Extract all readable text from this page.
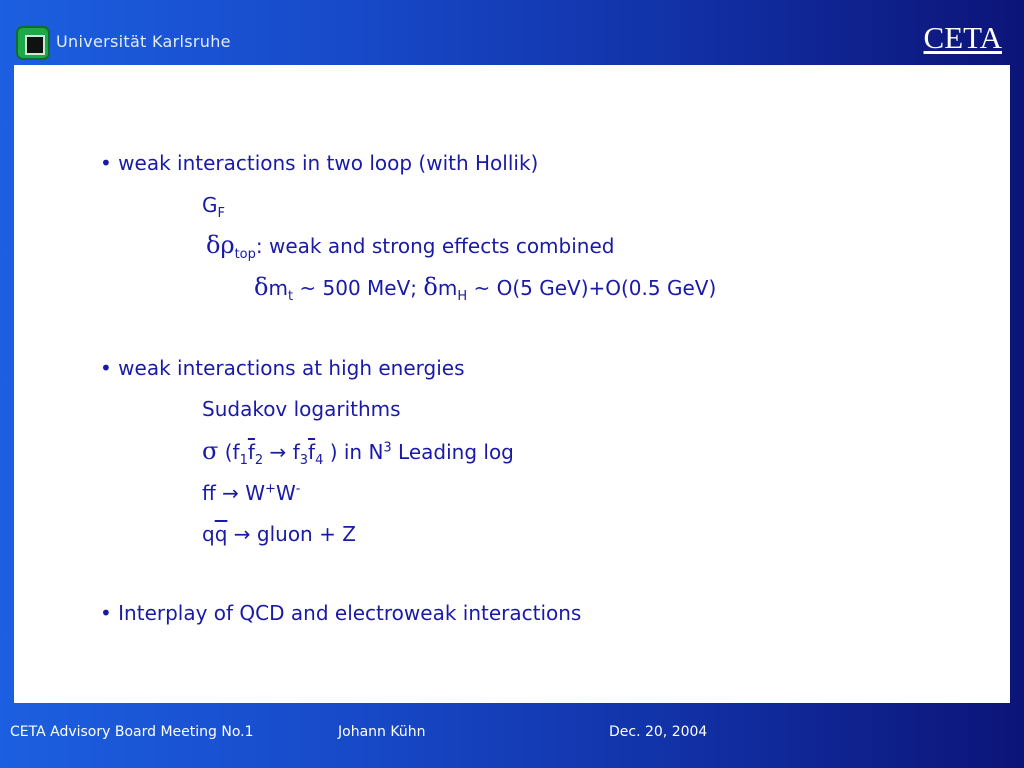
Universität Karlsruhe	CETA
• weak interactions in two loop (with Hollik)
$G_F$
$\delta\rho_{top}$: weak and strong effects combined
$\delta m_t$ ~ 500 MeV; $\delta m_H$ ~ O(5 GeV)+O(0.5 GeV)
• weak interactions at high energies
Sudakov logarithms
σ ($f_1\overline{f}_2 \to f_3\overline{f}_4$ ) in $N^3$ Leading log
f → W+W-
$q\overline{q}$ → gluon + Z
• Interplay of QCD and electroweak interactions
CETA Advisory Board Meeting No.1	Johann Kühn	Dec. 20, 2004
